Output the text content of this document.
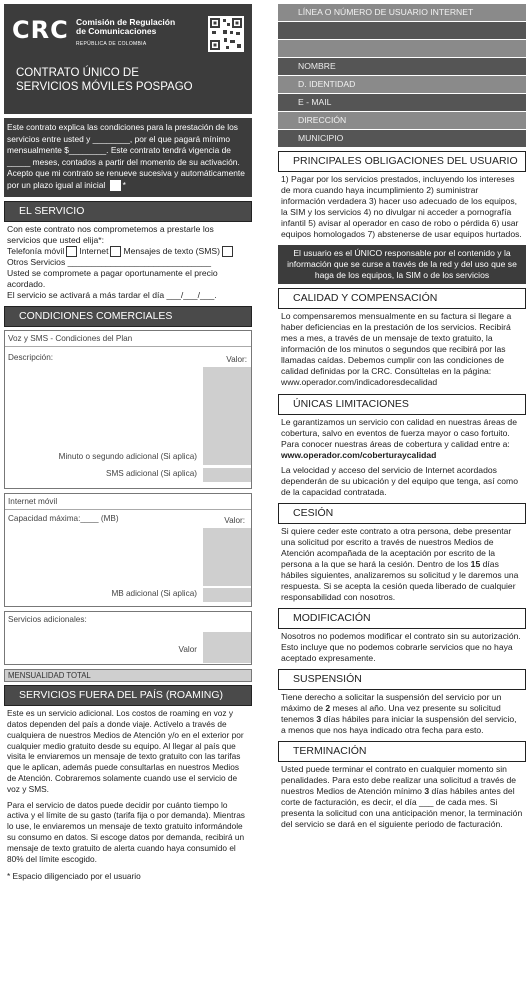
CRC Comisión de Regulación
de Comunicaciones
REPÚBLICA DE COLOMBIA
CONTRATO ÚNICO DE
SERVICIOS MÓVILES POSPAGO
Este contrato explica las condiciones para la prestación de los servicios entre usted y ________, por el que pagará mínimo mensualmente $________. Este contrato tendrá vigencia de _____ meses, contados a partir del momento de su activación.
Acepto que mi contrato se renueve sucesiva y automáticamente por un plazo igual al inicial *
EL SERVICIO
Con este contrato nos comprometemos a prestarle los servicios que usted elija*:
Telefonía móvil Internet Mensajes de texto (SMS)
Otros Servicios ______________________________
Usted se compromete a pagar oportunamente el precio acordado.
El servicio se activará a más tardar el día ___/___/___.
CONDICIONES COMERCIALES
Voz y SMS - Condiciones del Plan
Descripción:	Valor:
Minuto o segundo adicional (Si aplica)
SMS adicional (Si aplica)
Internet móvil
Capacidad máxima:____ (MB)	Valor:
MB adicional (Si aplica)
Servicios adicionales:
Valor
MENSUALIDAD TOTAL
SERVICIOS FUERA DEL PAÍS (ROAMING)
Este es un servicio adicional. Los costos de roaming en voz y datos dependen del país a donde viaje. Actívelo a través de cualquiera de nuestros Medios de Atención y/o en el exterior por cualquier medio gratuito desde su equipo. Al llegar al país que visita le enviaremos un mensaje de texto gratuito con las tarifas que le aplican, además puede consultarlas en nuestros Medios de Atención. Cobraremos solamente cuando use el servicio de voz y SMS.
Para el servicio de datos puede decidir por cuánto tiempo lo activa y el límite de su gasto (tarifa fija o por demanda). Mientras lo use, le enviaremos un mensaje de texto gratuito informándole su consumo en datos. Si escoge datos por demanda, recibirá un mensaje de texto gratuito de alerta cuando haya consumido el 80% del límite escogido.
* Espacio diligenciado por el usuario
LÍNEA O NÚMERO DE USUARIO INTERNET
NOMBRE
D. IDENTIDAD
E - MAIL
DIRECCIÓN
MUNICIPIO
PRINCIPALES OBLIGACIONES DEL USUARIO
1) Pagar por los servicios prestados, incluyendo los intereses de mora cuando haya incumplimiento 2) suministrar información verdadera 3) hacer uso adecuado de los equipos, la SIM y los servicios 4) no divulgar ni acceder a pornografía infantil 5) avisar al operador en caso de robo o pérdida 6) usar equipos homologados 7) abstenerse de usar equipos hurtados.
El usuario es el ÚNICO responsable por el contenido y la información que se curse a través de la red y del uso que se haga de los equipos, la SIM o de los servicios
CALIDAD Y COMPENSACIÓN
Lo compensaremos mensualmente en su factura si llegare a haber deficiencias en la prestación de los servicios. Recibirá mes a mes, a través de un mensaje de texto gratuito, la información de los minutos o segundos que recibirá por las llamadas caídas. Debemos cumplir con las condiciones de calidad definidas por la CRC. Consúltelas en la página: www.operador.com/indicadoresdecalidad
ÚNICAS LIMITACIONES
Le garantizamos un servicio con calidad en nuestras áreas de cobertura, salvo en eventos de fuerza mayor o caso fortuito. Para conocer nuestras áreas de cobertura y calidad entre a: www.operador.com/coberturaycalidad
La velocidad y acceso del servicio de Internet acordados dependerán de su ubicación y del equipo que tenga, así como de la capacidad contratada.
CESIÓN
Si quiere ceder este contrato a otra persona, debe presentar una solicitud por escrito a través de nuestros Medios de Atención acompañada de la aceptación por escrito de la persona a la que se hará la cesión. Dentro de los 15 días hábiles siguientes, analizaremos su solicitud y le daremos una respuesta. Si se acepta la cesión queda liberado de cualquier responsabilidad con nosotros.
MODIFICACIÓN
Nosotros no podemos modificar el contrato sin su autorización. Esto incluye que no podemos cobrarle servicios que no haya aceptado expresamente.
SUSPENSIÓN
Tiene derecho a solicitar la suspensión del servicio por un máximo de 2 meses al año. Una vez presente su solicitud tenemos 3 días hábiles para iniciar la suspensión del servicio, a menos que nos haya indicado otra fecha para esto.
TERMINACIÓN
Usted puede terminar el contrato en cualquier momento sin penalidades. Para esto debe realizar una solicitud a través de nuestros Medios de Atención mínimo 3 días hábiles antes del corte de facturación, es decir, el día ___ de cada mes. Si presenta la solicitud con una anticipación menor, la terminación del servicio se dará en el siguiente periodo de facturación.
